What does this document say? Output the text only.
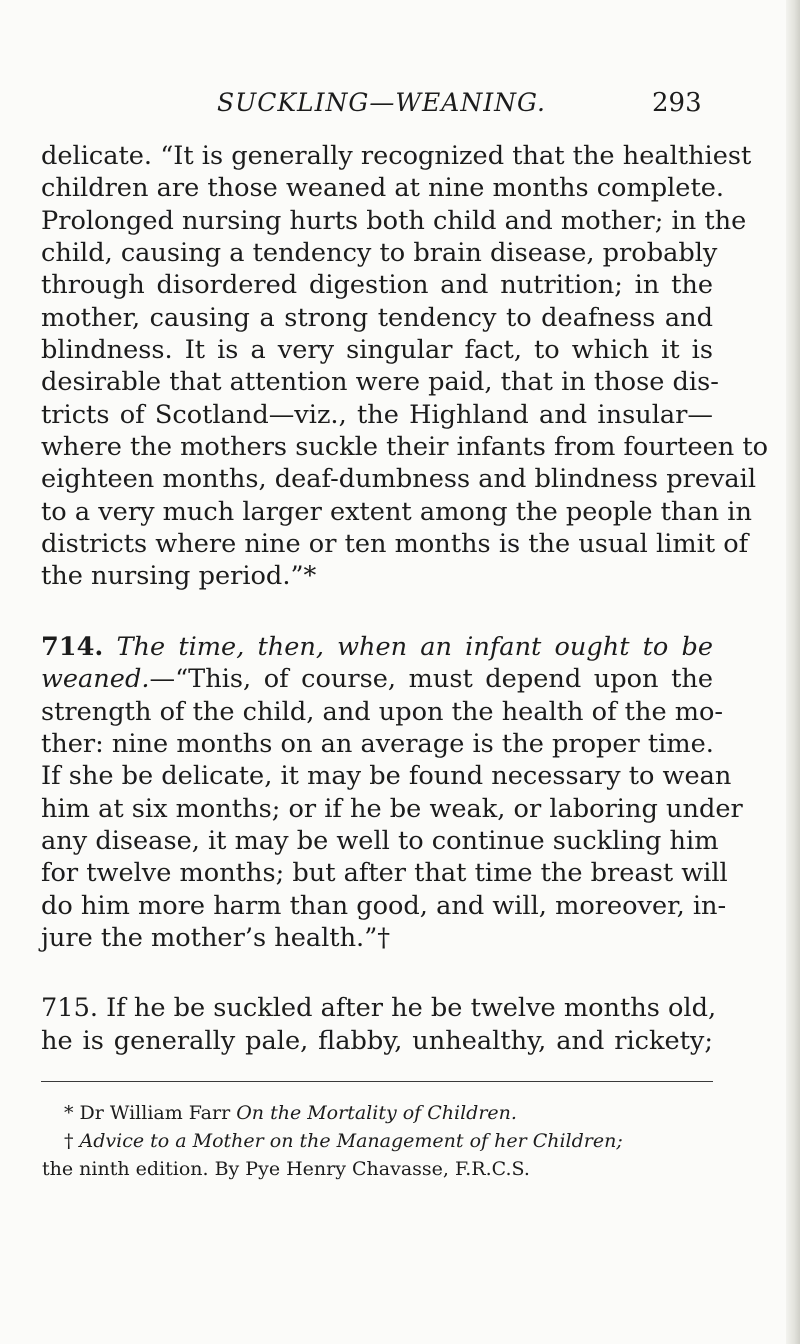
SUCKLING—WEANING.	293
delicate. “It is generally recognized that the healthiest
children are those weaned at nine months complete.
Prolonged nursing hurts both child and mother; in the
child, causing a tendency to brain disease, probably
through disordered digestion and nutrition; in the
mother, causing a strong tendency to deafness and
blindness. It is a very singular fact, to which it is
desirable that attention were paid, that in those dis-
tricts of Scotland—viz., the Highland and insular—
where the mothers suckle their infants from fourteen to
eighteen months, deaf-dumbness and blindness prevail
to a very much larger extent among the people than in
districts where nine or ten months is the usual limit of
the nursing period.”*
714. The time, then, when an infant ought to be
weaned.—“This, of course, must depend upon the
strength of the child, and upon the health of the mo-
ther: nine months on an average is the proper time.
If she be delicate, it may be found necessary to wean
him at six months; or if he be weak, or laboring under
any disease, it may be well to continue suckling him
for twelve months; but after that time the breast will
do him more harm than good, and will, moreover, in-
jure the mother’s health.”†
715. If he be suckled after he be twelve months old,
he is generally pale, flabby, unhealthy, and rickety;
* Dr William Farr On the Mortality of Children.
† Advice to a Mother on the Management of her Children;
the ninth edition. By Pye Henry Chavasse, F.R.C.S.
